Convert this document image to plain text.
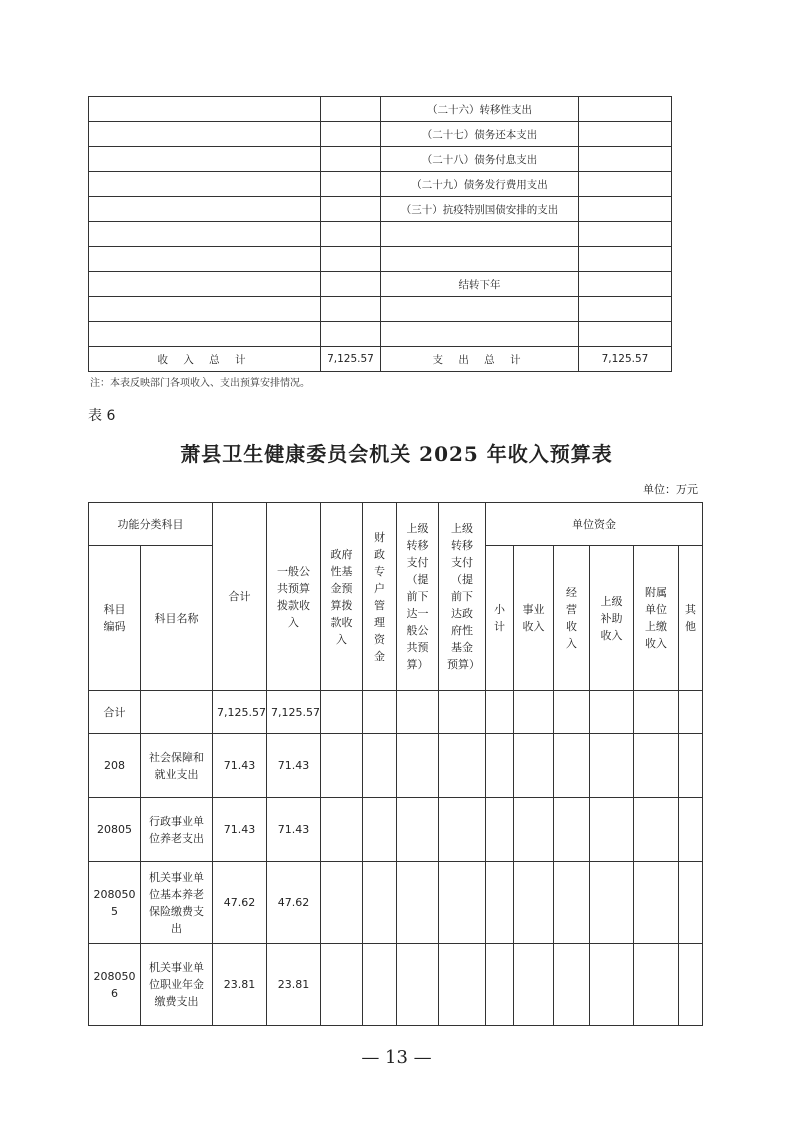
		（二十六）转移性支出	
		（二十七）债务还本支出	
		（二十八）债务付息支出	
		（二十九）债务发行费用支出	
		（三十）抗疫特别国债安排的支出	

		结转下年	

收 入 总 计	7,125.57	支 出 总 计	7,125.57
注：本表反映部门各项收入、支出预算安排情况。
表 6
萧县卫生健康委员会机关 2025 年收入预算表
单位：万元
功能分类科目		合计	一般公共预算拨款收入	政府性基金预算拨款收入	财政专户管理资金	上级转移支付（提前下达一般公共预算）	上级转移支付（提前下达政府性基金预算）	单位资金					
科目编码	科目名称							小计	事业收入	经营收入	上级补助收入	附属单位上缴收入	其他
合计		7,125.57	7,125.57										
208	社会保障和就业支出	71.43	71.43										
20805	行政事业单位养老支出	71.43	71.43										
2080505	机关事业单位基本养老保险缴费支出	47.62	47.62										
2080506	机关事业单位职业年金缴费支出	23.81	23.81										
— 13 —
